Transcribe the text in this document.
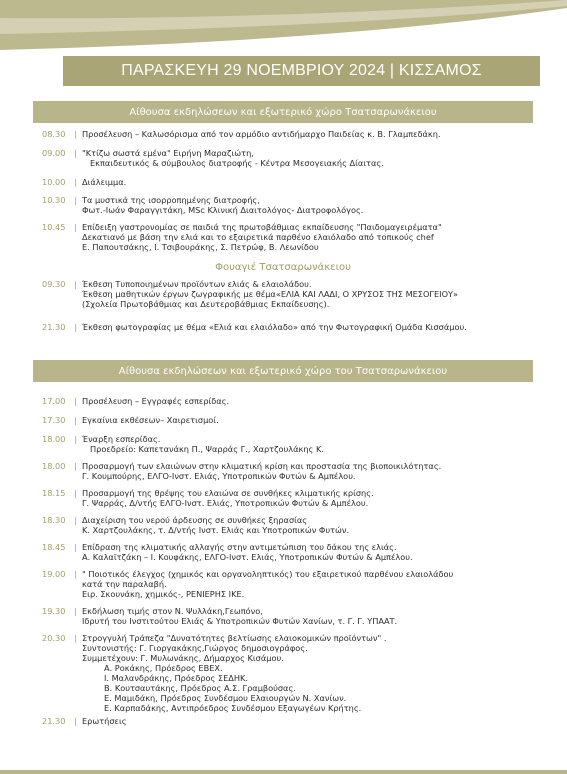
ΠΑΡΑΣΚΕΥΗ 29 ΝΟΕΜΒΡΙΟΥ 2024 | ΚΙΣΣΑΜΟΣ
Αίθουσα εκδηλώσεων και εξωτερικό χώρο Τσατσαρωνάκειου
08.30	| Προσέλευση – Καλωσόρισμα από τον αρμόδιο αντιδήμαρχο Παιδείας κ. Β. Γλαμπεδάκη.
09.00	| "Κτίζω σωστά εμένα" Ειρήνη Μαραζιώτη,
Εκπαιδευτικός & σύμβουλος διατροφής - Κέντρα Μεσογειακής Δίαιτας.
10.00	| Διάλειμμα.
10.30	| Τα μυστικά της ισορροπημένης διατροφής,
Φωτ.-Ιωάν Φαραγγιτάκη, MSc Κλινική Διαιτολόγος- Διατροφολόγος.
10.45	| Επίδειξη γαστρονομίας σε παιδιά της πρωτοβάθμιας εκπαίδευσης "Παιδομαγειρέματα"
Δεκατιανό με βάση την ελιά και το εξαιρετικά παρθένο ελαιόλαδο από τοπικούς chef
Ε. Παπουτσάκης, Ι. Τσιβουράκης, Σ. Πετρώφ, Β. Λεωνίδου
Φουαγιέ Τσατσαρωνάκειου
09.30	| Έκθεση Τυποποιημένων προϊόντων ελιάς & ελαιολάδου.
Έκθεση μαθητικών έργων ζωγραφικής με θέμα«ΕΛΙΑ ΚΑΙ ΛΑΔΙ, Ο ΧΡΥΣΟΣ ΤΗΣ ΜΕΣΟΓΕΙΟΥ»
(Σχολεία Πρωτοβάθμιας και Δευτεροβάθμιας Εκπαίδευσης).
21.30	| Έκθεση φωτογραφίας με θέμα «Ελιά και ελαιόλαδο» από την Φωτογραφική Ομάδα Κισσάμου.
Αίθουσα εκδηλώσεων και εξωτερικό χώρο του Τσατσαρωνάκειου
17.00	| Προσέλευση – Εγγραφές εσπερίδας.
17.30	| Εγκαίνια εκθέσεων– Χαιρετισμοί.
18.00	| Έναρξη εσπερίδας.
Προεδρείο: Καπετανάκη Π., Ψαρράς Γ., Χαρτζουλάκης Κ.
18.00	| Προσαρμογή των ελαιώνων στην κλιματική κρίση και προστασία της βιοποικιλότητας.
Γ. Κουμπούρης, ΕΛΓΟ-Ινστ. Ελιάς, Υποτροπικών Φυτών & Αμπέλου.
18.15	| Προσαρμογή της θρέψης του ελαιώνα σε συνθήκες κλιματικής κρίσης.
Γ. Ψαρράς, Δ/ντής ΕΛΓΟ-Ινστ. Ελιάς, Υποτροπικών Φυτών & Αμπέλου.
18.30	| Διαχείριση του νερού άρδευσης σε συνθήκες ξηρασίας
Κ. Χαρτζουλάκης, τ. Δ/ντής Ινστ. Ελιάς και Υποτροπικών Φυτών.
18.45	| Επίδραση της κλιματικής αλλαγής στην αντιμετώπιση του δάκου της ελιάς.
Α. Καλαϊτζάκη – Ι. Κουφάκης, ΕΛΓΟ-Ινστ. Ελιάς, Υποτροπικών Φυτών & Αμπέλου.
19.00	| " Ποιοτικός έλεγχος (χημικός και οργανοληπτικός) του εξαιρετικού παρθένου ελαιολάδου
κατά την παραλαβή.
Ειρ. Σκουνάκη, χημικός-, ΡΕΝΙΕΡΗΣ ΙΚΕ.
19.30	| Εκδήλωση τιμής στον Ν. Ψυλλάκη,Γεωπόνο,
Ιδρυτή του Ινστιτούτου Ελιάς & Υποτροπικών Φυτών Χανίων, τ. Γ. Γ. ΥΠΑΑΤ.
20.30	| Στρογγυλή Τράπεζα "Δυνατότητες βελτίωσης ελαιοκομικών προϊόντων" .
Συντονιστής: Γ. Γιοργακάκης,Γιώργος δημοσιογράφος.
Συμμετέχουν: Γ. Μυλωνάκης, Δήμαρχος Κισάμου.
Α. Ροκάκης, Πρόεδρος ΕΒΕΧ.
Ι. Μαλανδράκης, Πρόεδρος ΣΕΔΗΚ.
Β. Κουτσαυτάκης, Πρόεδρος Α.Σ. Γραμβούσας.
Ε. Μαμιδάκη, Πρόεδρος Συνδέσμου Ελαιουργών Ν. Χανίων.
Ε. Καρπαδάκης, Αντιπρόεδρος Συνδέσμου Εξαγωγέων Κρήτης.
21.30	| Ερωτήσεις
